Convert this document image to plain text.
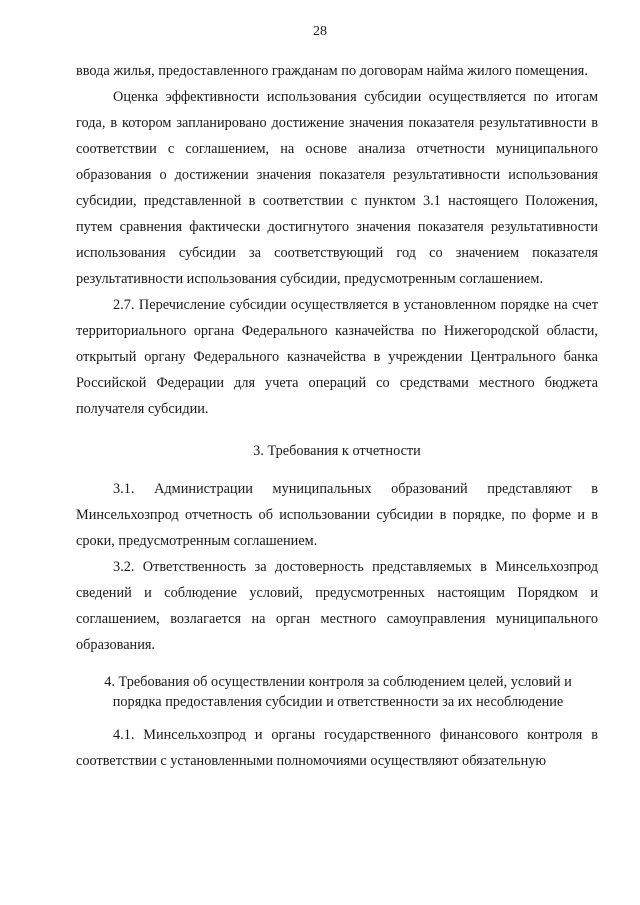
28

ввода жилья, предоставленного гражданам по договорам найма жилого помещения.

Оценка эффективности использования субсидии осуществляется по итогам года, в котором запланировано достижение значения показателя результативности в соответствии с соглашением, на основе анализа отчетности муниципального образования о достижении значения показателя результативности использования субсидии, представленной в соответствии с пунктом 3.1 настоящего Положения, путем сравнения фактически достигнутого значения показателя результативности использования субсидии за соответствующий год со значением показателя результативности использования субсидии, предусмотренным соглашением.

2.7. Перечисление субсидии осуществляется в установленном порядке на счет территориального органа Федерального казначейства по Нижегородской области, открытый органу Федерального казначейства в учреждении Центрального банка Российской Федерации для учета операций со средствами местного бюджета получателя субсидии.

3. Требования к отчетности

3.1. Администрации муниципальных образований представляют в Минсельхозпрод отчетность об использовании субсидии в порядке, по форме и в сроки, предусмотренным соглашением.

3.2. Ответственность за достоверность представляемых в Минсельхозпрод сведений и соблюдение условий, предусмотренных настоящим Порядком и соглашением, возлагается на орган местного самоуправления муниципального образования.

4. Требования об осуществлении контроля за соблюдением целей, условий и
порядка предоставления субсидии и ответственности за их несоблюдение

4.1. Минсельхозпрод и органы государственного финансового контроля в соответствии с установленными полномочиями осуществляют обязательную
